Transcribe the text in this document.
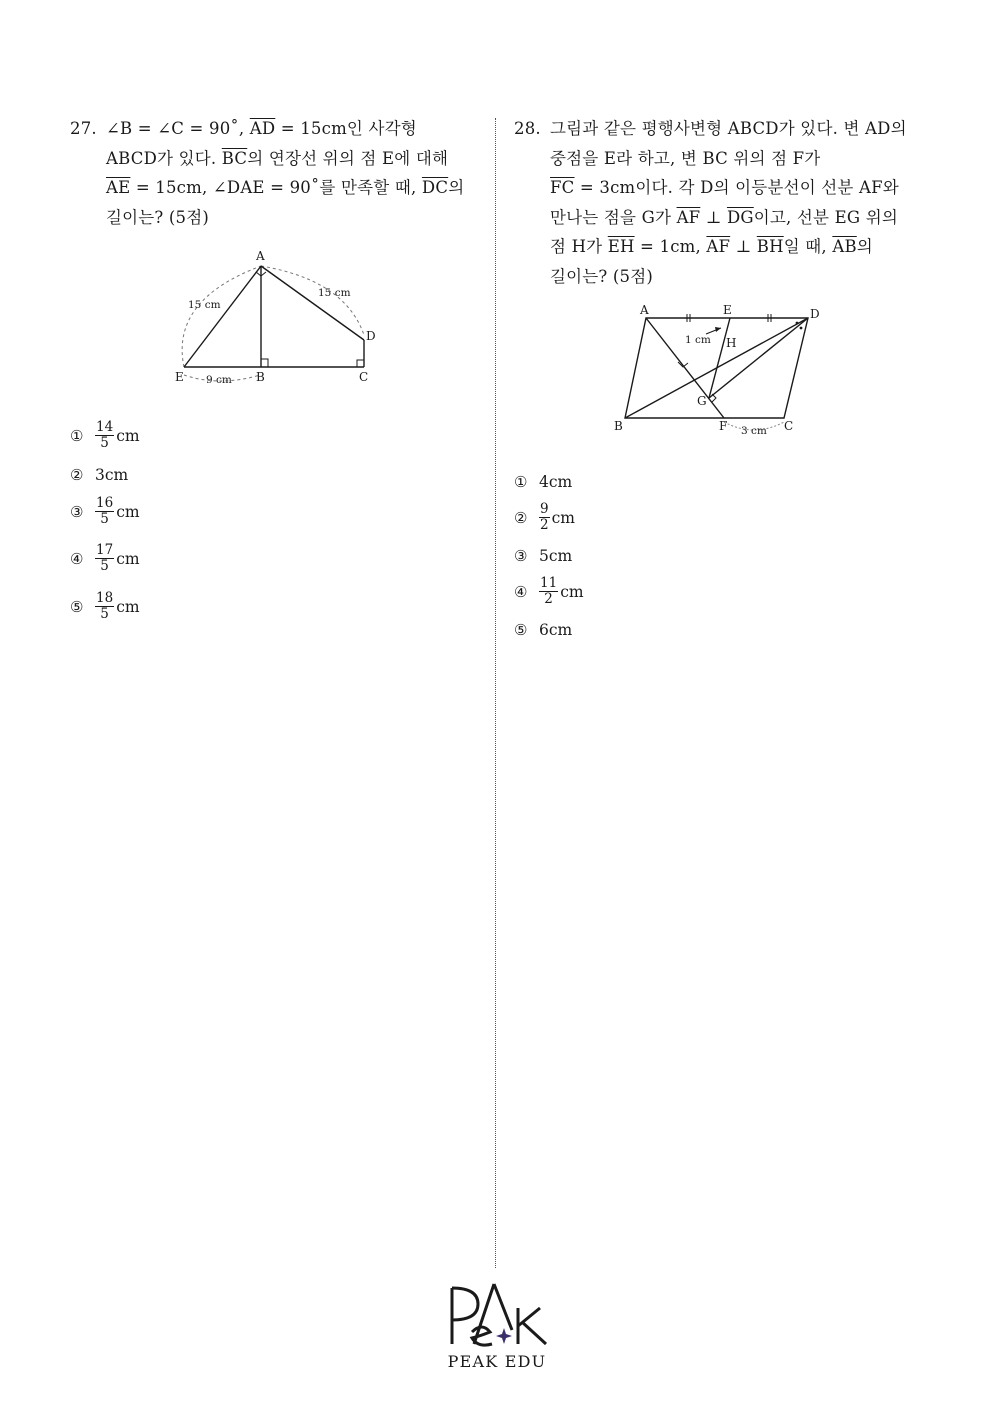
27. ∠B = ∠C = 90˚, $\overline{AD} = 15cm$인 사각형
ABCD가 있다. $\overline{BC}$의 연장선 위의 점 E에 대해
$\overline{AE} = 15cm$, ∠DAE = 90˚를 만족할 때, $\overline{DC}$의
길이는? (5점)
A
B	C
D
E
15 cm
15 cm
9 cm
① $\frac{14}{5}$ cm
② 3cm
③ $\frac{16}{5}$ cm
④ $\frac{17}{5}$ cm
⑤ $\frac{18}{5}$ cm
28. 그림과 같은 평행사변형 ABCD가 있다. 변 AD의
중점을 E라 하고, 변 BC 위의 점 F가
$\overline{FC} = 3cm$이다. 각 D의 이등분선이 선분 AF와
만나는 점을 G가 $\overline{AF}$ ⊥ $\overline{DG}$이고, 선분 EG 위의
점 H가 $\overline{EH} = 1cm$, $\overline{AF}$ ⊥ $\overline{BH}$일 때, $\overline{AB}$의
길이는? (5점)
A
B	C
D
E
F
G
H
1 cm
3 cm
① 4cm
② $\frac{9}{2}$ cm
③ 5cm
④ $\frac{11}{2}$ cm
⑤ 6cm
PEAK EDU
